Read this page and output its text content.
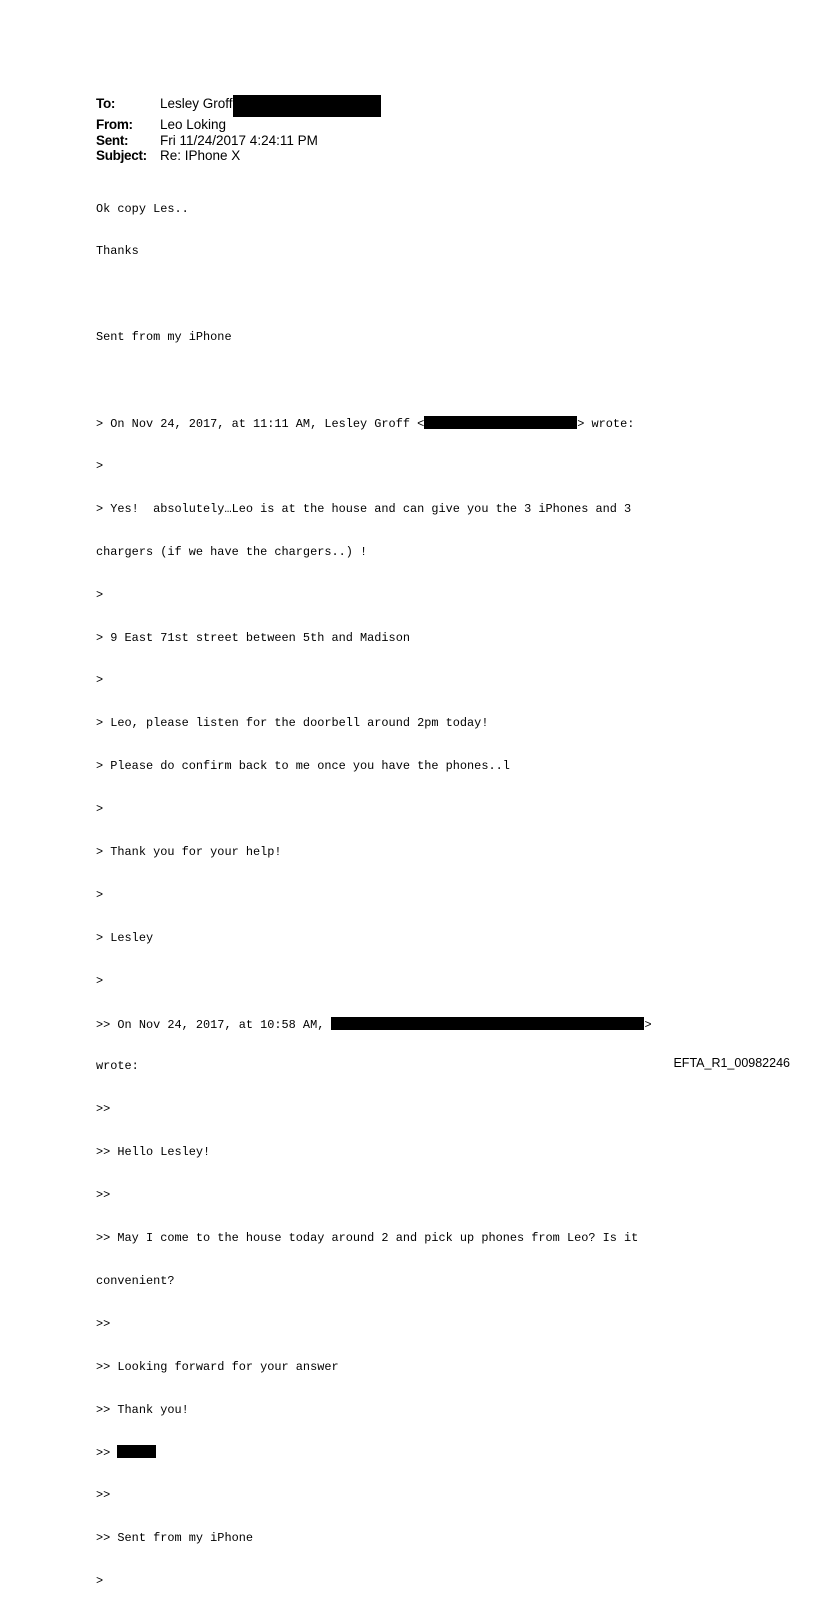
To:	Lesley Groff
From:	Leo Loking
Sent:	Fri 11/24/2017 4:24:11 PM
Subject: Re: IPhone X

Ok copy Les..

Thanks

Sent from my iPhone

> On Nov 24, 2017, at 11:11 AM, Lesley Groff <	> wrote:

>

> Yes!  absolutely…Leo is at the house and can give you the 3 iPhones and 3

chargers (if we have the chargers..) !

>

> 9 East 71st street between 5th and Madison

>

> Leo, please listen for the doorbell around 2pm today!

> Please do confirm back to me once you have the phones..l

>

> Thank you for your help!

>

> Lesley

>

>> On Nov 24, 2017, at 10:58 AM,	>

wrote:

>>

>> Hello Lesley!

>>

>> May I come to the house today around 2 and pick up phones from Leo? Is it

convenient?

>>

>> Looking forward for your answer

>> Thank you!

>>

>>

>> Sent from my iPhone

>

EFTA_R1_00982246
